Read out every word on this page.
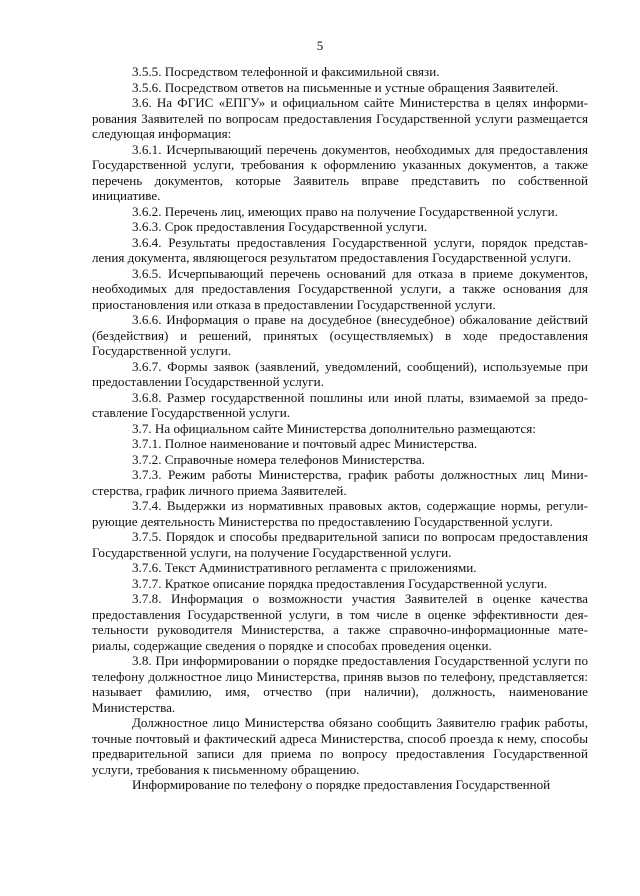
5

3.5.5. Посредством телефонной и факсимильной связи.

3.5.6. Посредством ответов на письменные и устные обращения Заявителей.

3.6. На ФГИС «ЕПГУ» и официальном сайте Министерства в целях информирования Заявителей по вопросам предоставления Государственной услуги размещается следующая информация:

3.6.1. Исчерпывающий перечень документов, необходимых для предоставления Государственной услуги, требования к оформлению указанных документов, а также перечень документов, которые Заявитель вправе представить по собственной инициативе.

3.6.2. Перечень лиц, имеющих право на получение Государственной услуги.

3.6.3. Срок предоставления Государственной услуги.

3.6.4. Результаты предоставления Государственной услуги, порядок представления документа, являющегося результатом предоставления Государственной услуги.

3.6.5. Исчерпывающий перечень оснований для отказа в приеме документов, необходимых для предоставления Государственной услуги, а также основания для приостановления или отказа в предоставлении Государственной услуги.

3.6.6. Информация о праве на досудебное (внесудебное) обжалование действий (бездействия) и решений, принятых (осуществляемых) в ходе предоставления Государственной услуги.

3.6.7. Формы заявок (заявлений, уведомлений, сообщений), используемые при предоставлении Государственной услуги.

3.6.8. Размер государственной пошлины или иной платы, взимаемой за предоставление Государственной услуги.

3.7. На официальном сайте Министерства дополнительно размещаются:

3.7.1. Полное наименование и почтовый адрес Министерства.

3.7.2. Справочные номера телефонов Министерства.

3.7.3. Режим работы Министерства, график работы должностных лиц Министерства, график личного приема Заявителей.

3.7.4. Выдержки из нормативных правовых актов, содержащие нормы, регулирующие деятельность Министерства по предоставлению Государственной услуги.

3.7.5. Порядок и способы предварительной записи по вопросам предоставления Государственной услуги, на получение Государственной услуги.

3.7.6. Текст Административного регламента с приложениями.

3.7.7. Краткое описание порядка предоставления Государственной услуги.

3.7.8. Информация о возможности участия Заявителей в оценке качества предоставления Государственной услуги, в том числе в оценке эффективности деятельности руководителя Министерства, а также справочно-информационные материалы, содержащие сведения о порядке и способах проведения оценки.

3.8. При информировании о порядке предоставления Государственной услуги по телефону должностное лицо Министерства, приняв вызов по телефону, представляется: называет фамилию, имя, отчество (при наличии), должность, наименование Министерства.

Должностное лицо Министерства обязано сообщить Заявителю график работы, точные почтовый и фактический адреса Министерства, способ проезда к нему, способы предварительной записи для приема по вопросу предоставления Государственной услуги, требования к письменному обращению.

Информирование по телефону о порядке предоставления Государственной
